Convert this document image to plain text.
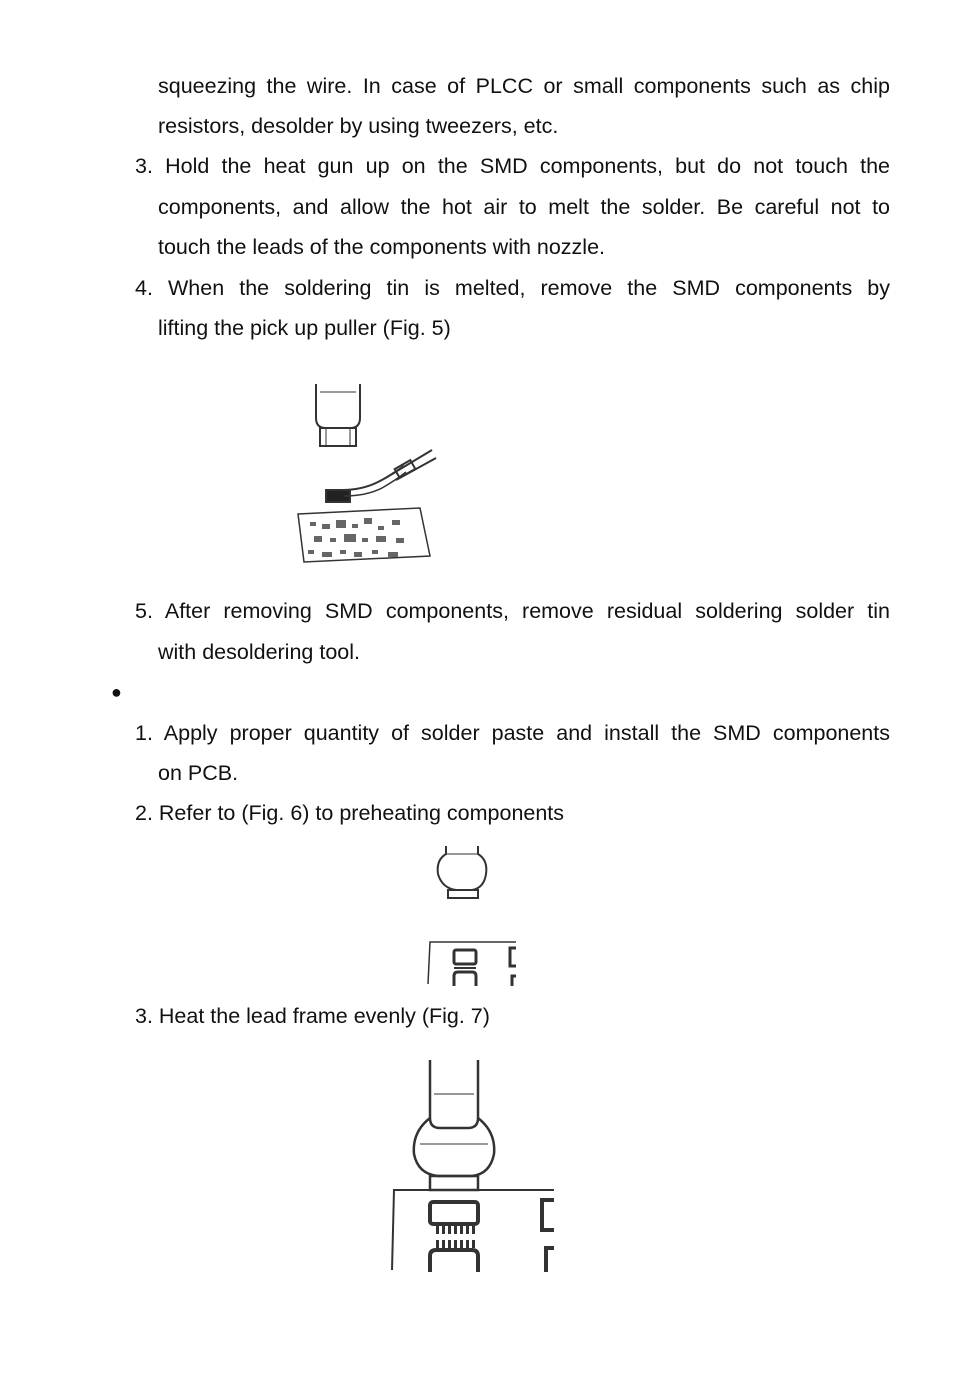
squeezing the wire. In case of PLCC or small components such as chip
resistors, desolder by using tweezers, etc.
3. Hold the heat gun up on the SMD components, but do not touch the
components, and allow the hot air to melt the solder. Be careful not to
touch the leads of the components with nozzle.
4. When the soldering tin is melted, remove the SMD components by
lifting the pick up puller (Fig. 5)
5. After removing SMD components, remove residual soldering solder tin
with desoldering tool.
●
1. Apply proper quantity of solder paste and install the SMD components
on PCB.
2. Refer to (Fig. 6) to preheating components
3. Heat the lead frame evenly (Fig. 7)
